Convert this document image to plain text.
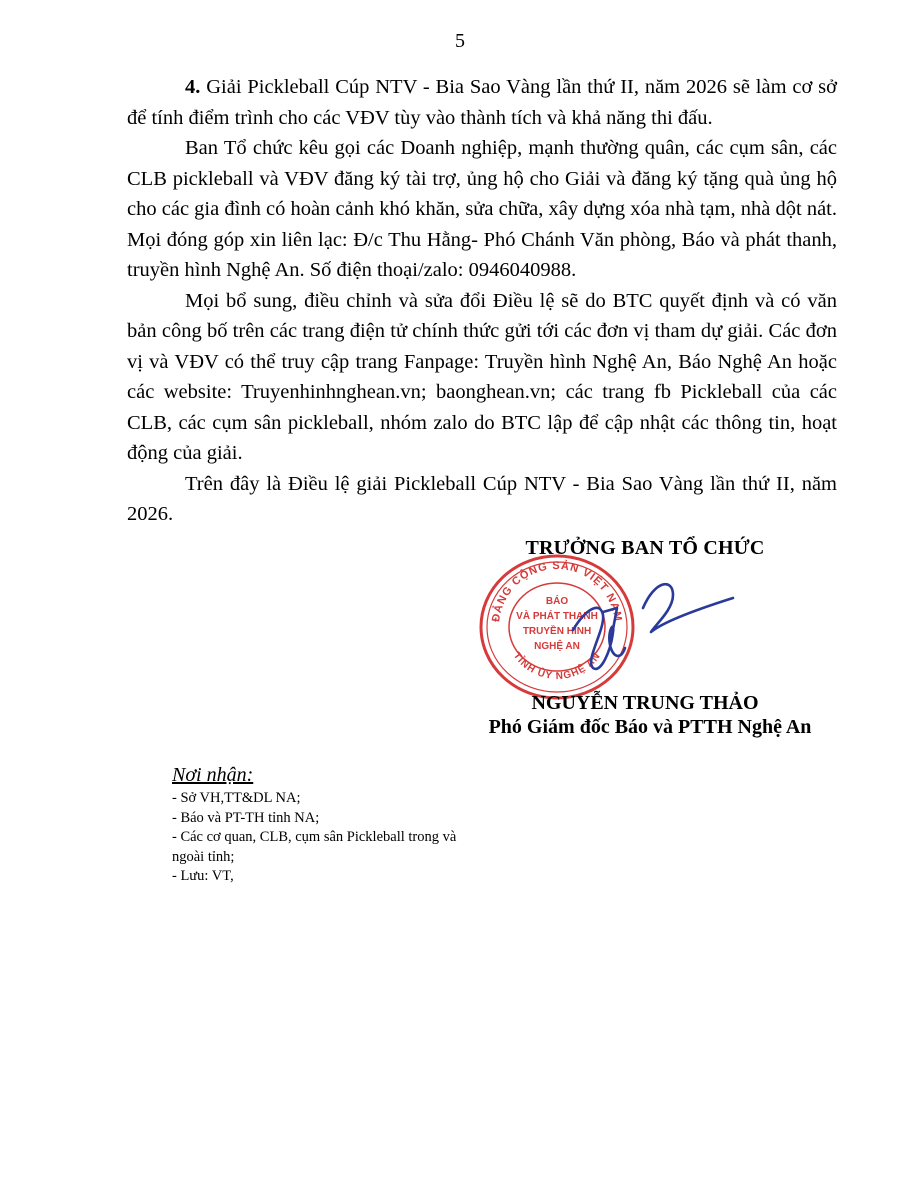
5

4. Giải Pickleball Cúp NTV - Bia Sao Vàng lần thứ II, năm 2026 sẽ làm cơ sở để tính điểm trình cho các VĐV tùy vào thành tích và khả năng thi đấu.

Ban Tổ chức kêu gọi các Doanh nghiệp, mạnh thường quân, các cụm sân, các CLB pickleball và VĐV đăng ký tài trợ, ủng hộ cho Giải và đăng ký tặng quà ủng hộ cho các gia đình có hoàn cảnh khó khăn, sửa chữa, xây dựng xóa nhà tạm, nhà dột nát. Mọi đóng góp xin liên lạc: Đ/c Thu Hằng- Phó Chánh Văn phòng, Báo và phát thanh, truyền hình Nghệ An. Số điện thoại/zalo: 0946040988.

Mọi bổ sung, điều chỉnh và sửa đổi Điều lệ sẽ do BTC quyết định và có văn bản công bố trên các trang điện tử chính thức gửi tới các đơn vị tham dự giải. Các đơn vị và VĐV có thể truy cập trang Fanpage: Truyền hình Nghệ An, Báo Nghệ An hoặc các website: Truyenhinhnghean.vn; baonghean.vn; các trang fb Pickleball của các CLB, các cụm sân pickleball, nhóm zalo do BTC lập để cập nhật các thông tin, hoạt động của giải.

Trên đây là Điều lệ giải Pickleball Cúp NTV - Bia Sao Vàng lần thứ II, năm 2026.

TRƯỞNG BAN TỔ CHỨC
ĐẢNG CỘNG SẢN VIỆT NAM
TỈNH ỦY NGHỆ AN
BÁO
VÀ PHÁT THANH
TRUYỀN HÌNH
NGHỆ AN
NGUYỄN TRUNG THẢO
Phó Giám đốc Báo và PTTH Nghệ An
Nơi nhận:
- Sở VH,TT&DL NA;
- Báo và PT-TH tỉnh NA;
- Các cơ quan, CLB, cụm sân Pickleball trong và ngoài tỉnh;
- Lưu: VT,
